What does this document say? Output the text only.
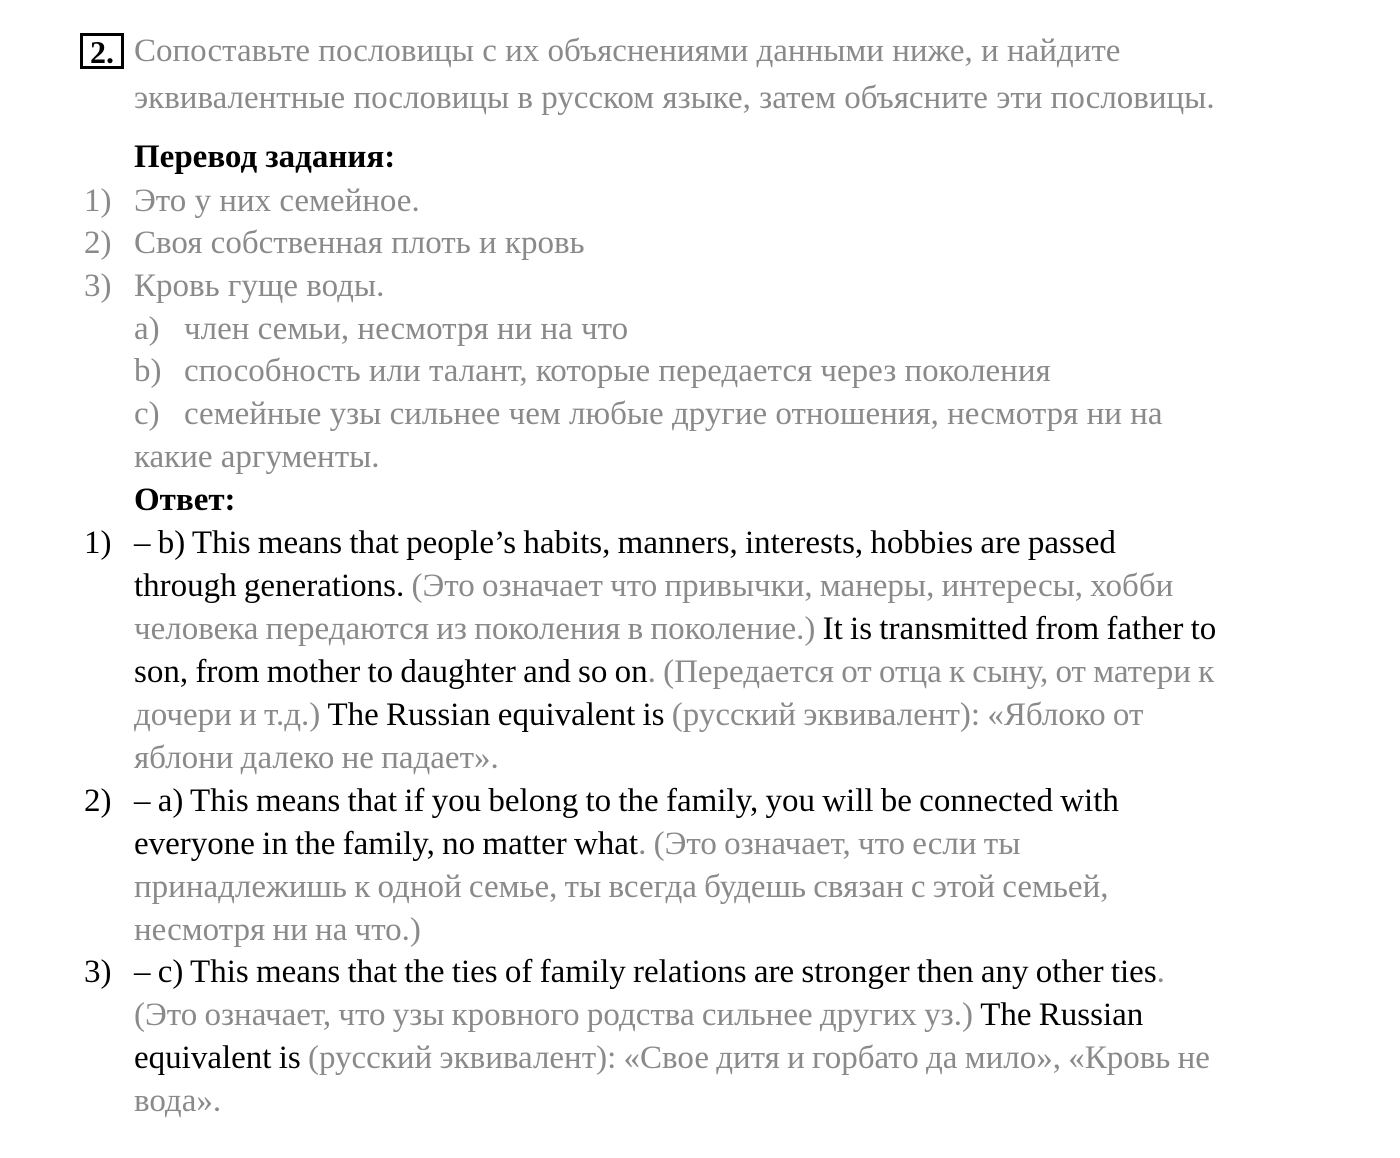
2. Сопоставьте пословицы с их объяснениями данными ниже, и найдите
эквивалентные пословицы в русском языке, затем объясните эти пословицы.
Перевод задания:
1) Это у них семейное.
2) Своя собственная плоть и кровь
3) Кровь гуще воды.
a) член семьи, несмотря ни на что
b) способность или талант, которые передается через поколения
c) семейные узы сильнее чем любые другие отношения, несмотря ни на
какие аргументы.
Ответ:
1) – b) This means that people’s habits, manners, interests, hobbies are passed
through generations. (Это означает что привычки, манеры, интересы, хобби
человека передаются из поколения в поколение.) It is transmitted from father to
son, from mother to daughter and so on. (Передается от отца к сыну, от матери к
дочери и т.д.) The Russian equivalent is (русский эквивалент): «Яблоко от
яблони далеко не падает».
2) – a) This means that if you belong to the family, you will be connected with
everyone in the family, no matter what. (Это означает, что если ты
принадлежишь к одной семье, ты всегда будешь связан с этой семьей,
несмотря ни на что.)
3) – c) This means that the ties of family relations are stronger then any other ties.
(Это означает, что узы кровного родства сильнее других уз.) The Russian
equivalent is (русский эквивалент): «Свое дитя и горбато да мило», «Кровь не
вода».
